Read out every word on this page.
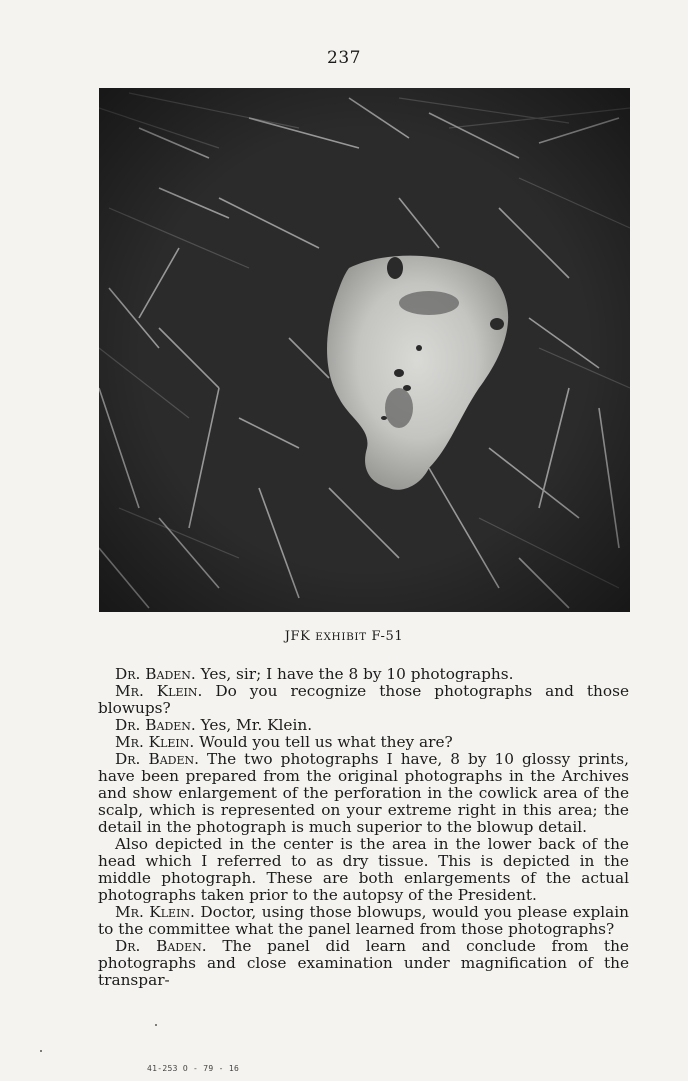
237
JFK EXHIBIT F-51

Dr. Baden. Yes, sir; I have the 8 by 10 photographs.

Mr. Klein. Do you recognize those photographs and those blowups?

Dr. Baden. Yes, Mr. Klein.

Mr. Klein. Would you tell us what they are?

Dr. Baden. The two photographs I have, 8 by 10 glossy prints, have been prepared from the original photographs in the Archives and show enlargement of the perforation in the cowlick area of the scalp, which is represented on your extreme right in this area; the detail in the photograph is much superior to the blowup detail.

Also depicted in the center is the area in the lower back of the head which I referred to as dry tissue. This is depicted in the middle photograph. These are both enlargements of the actual photographs taken prior to the autopsy of the President.

Mr. Klein. Doctor, using those blowups, would you please explain to the committee what the panel learned from those photographs?

Dr. Baden. The panel did learn and conclude from the photographs and close examination under magnification of the transpar-

41-253 O - 79 - 16
